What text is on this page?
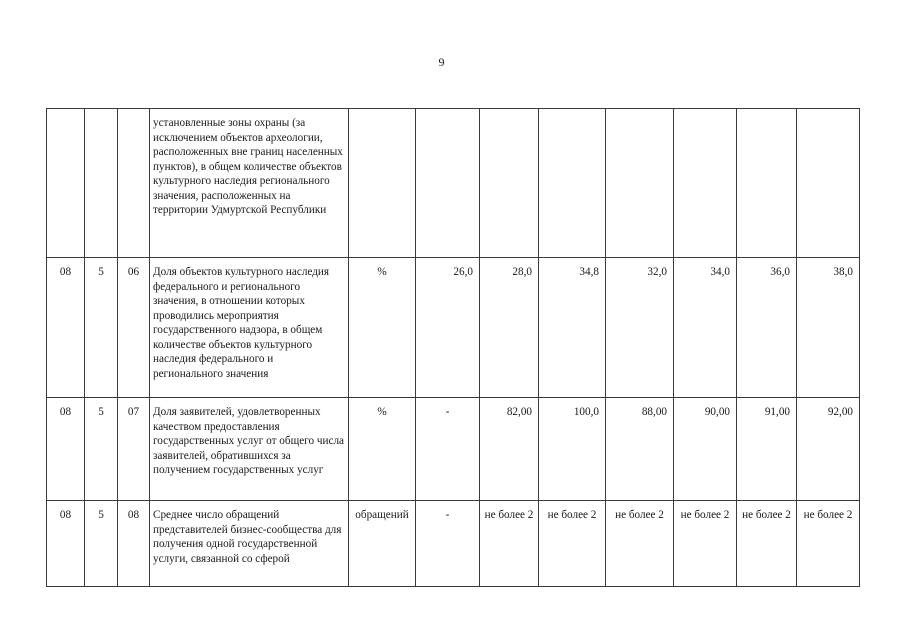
9
			установленные зоны охраны (за исключением объектов археологии, расположенных вне границ населенных пунктов), в общем количестве объектов культурного наследия регионального значения, расположенных на территории Удмуртской Республики								
08	5	06	Доля объектов культурного наследия федерального и регионального значения, в отношении которых проводились мероприятия государственного надзора, в общем количестве объектов культурного наследия федерального и регионального значения	%	26,0	28,0	34,8	32,0	34,0	36,0	38,0
08	5	07	Доля заявителей, удовлетворенных качеством предоставления государственных услуг от общего числа заявителей, обратившихся за получением государственных услуг	%	-	82,00	100,0	88,00	90,00	91,00	92,00
08	5	08	Среднее число обращений представителей бизнес-сообщества для получения одной государственной услуги, связанной со сферой	обращений	-	не более 2	не более 2	не более 2	не более 2	не более 2	не более 2
